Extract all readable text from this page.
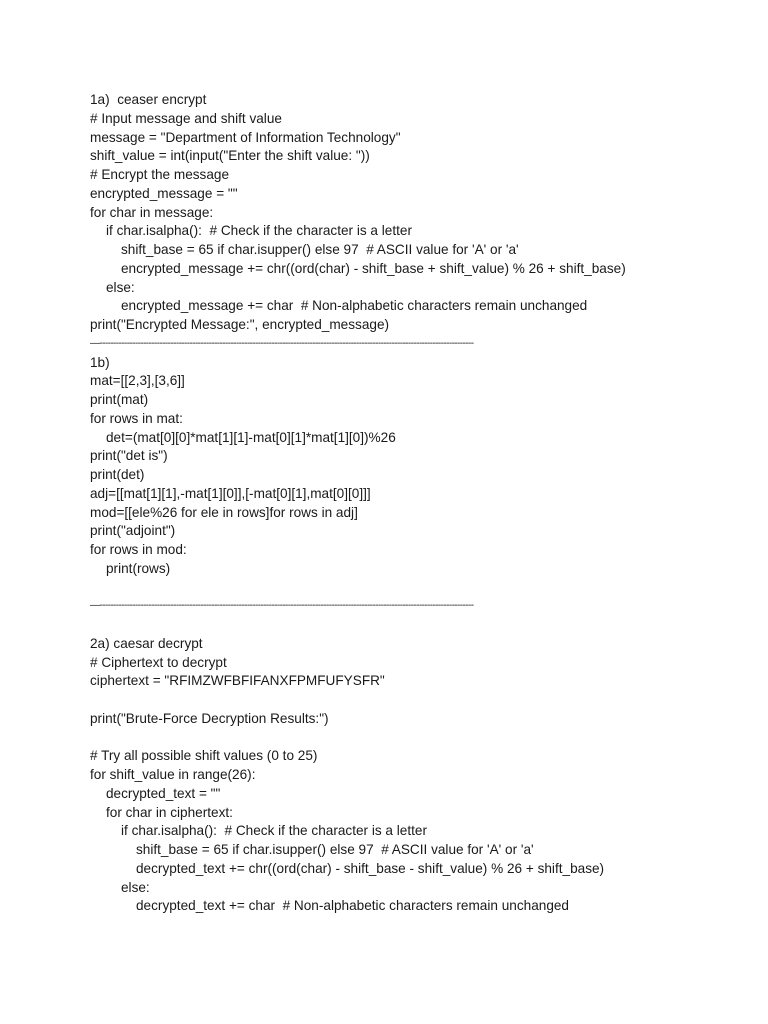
1a)  ceaser encrypt
# Input message and shift value
message = "Department of Information Technology"
shift_value = int(input("Enter the shift value: "))
# Encrypt the message
encrypted_message = ""
for char in message:
if char.isalpha():  # Check if the character is a letter
shift_base = 65 if char.isupper() else 97  # ASCII value for 'A' or 'a'
encrypted_message += chr((ord(char) - shift_base + shift_value) % 26 + shift_base)
else:
encrypted_message += char  # Non-alphabetic characters remain unchanged
print("Encrypted Message:", encrypted_message)
—-----------------------------------------------------------------------------------------------------------------------------------------
1b)
mat=[[2,3],[3,6]]
print(mat)
for rows in mat:
det=(mat[0][0]*mat[1][1]-mat[0][1]*mat[1][0])%26
print("det is")
print(det)
adj=[[mat[1][1],-mat[1][0]],[-mat[0][1],mat[0][0]]]
mod=[[ele%26 for ele in rows]for rows in adj]
print("adjoint")
for rows in mod:
print(rows)
—-----------------------------------------------------------------------------------------------------------------------------------------
2a) caesar decrypt
# Ciphertext to decrypt
ciphertext = "RFIMZWFBFIFANXFPMFUFYSFR"
print("Brute-Force Decryption Results:")
# Try all possible shift values (0 to 25)
for shift_value in range(26):
decrypted_text = ""
for char in ciphertext:
if char.isalpha():  # Check if the character is a letter
shift_base = 65 if char.isupper() else 97  # ASCII value for 'A' or 'a'
decrypted_text += chr((ord(char) - shift_base - shift_value) % 26 + shift_base)
else:
decrypted_text += char  # Non-alphabetic characters remain unchanged
